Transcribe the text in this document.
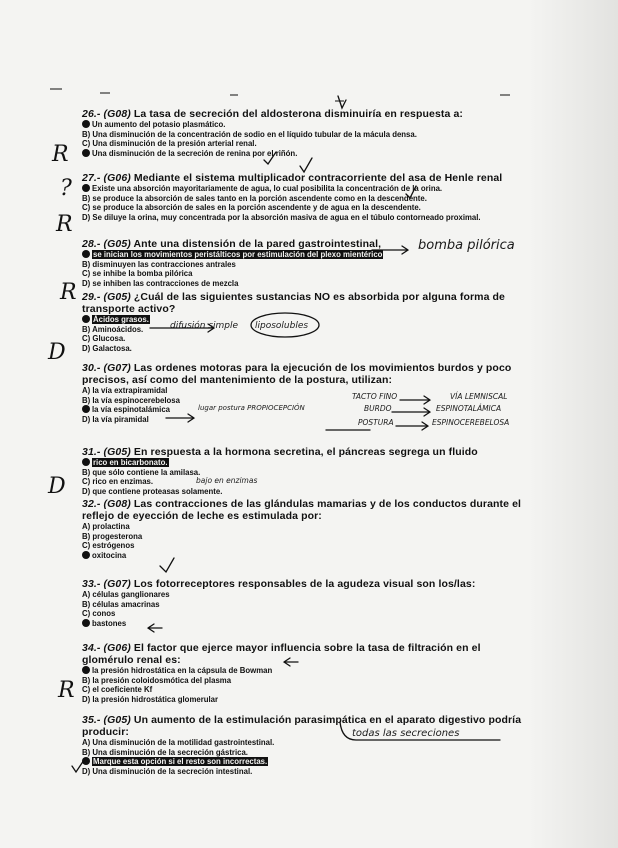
26.- (G08) La tasa de secreción del aldosterona disminuiría en respuesta a:
Un aumento del potasio plasmático.
B) Una disminución de la concentración de sodio en el líquido tubular de la mácula densa.
C) Una disminución de la presión arterial renal.
Una disminución de la secreción de renina por el riñón.
27.- (G06) Mediante el sistema multiplicador contracorriente del asa de Henle renal
Existe una absorción mayoritariamente de agua, lo cual posibilita la concentración de la orina.
B) se produce la absorción de sales tanto en la porción ascendente como en la descendente.
C) se produce la absorción de sales en la porción ascendente y de agua en la descendente.
D) Se diluye la orina, muy concentrada por la absorción masiva de agua en el túbulo contorneado proximal.
28.- (G05) Ante una distensión de la pared gastrointestinal,
se inician los movimientos peristálticos por estimulación del plexo mientérico
B) disminuyen las contracciones antrales
C) se inhibe la bomba pilórica
D) se inhiben las contracciones de mezcla
29.- (G05) ¿Cuál de las siguientes sustancias NO es absorbida por alguna forma de transporte activo?
Ácidos grasos.
B) Aminoácidos.
C) Glucosa.
D) Galactosa.
30.- (G07) Las ordenes motoras para la ejecución de los movimientos burdos y poco precisos, así como del mantenimiento de la postura, utilizan:
A) la vía extrapiramidal
B) la vía espinocerebelosa
la vía espinotalámica
D) la vía piramidal
31.- (G05) En respuesta a la hormona secretina, el páncreas segrega un fluido
rico en bicarbonato.
B) que sólo contiene la amilasa.
C) rico en enzimas.
D) que contiene proteasas solamente.
32.- (G08) Las contracciones de las glándulas mamarias y de los conductos durante el reflejo de eyección de leche es estimulada por:
A) prolactina
B) progesterona
C) estrógenos
oxitocina
33.- (G07) Los fotorreceptores responsables de la agudeza visual son los/las:
A) células ganglionares
B) células amacrinas
C) conos
bastones
34.- (G06) El factor que ejerce mayor influencia sobre la tasa de filtración en el glomérulo renal es:
la presión hidrostática en la cápsula de Bowman
B) la presión coloidosmótica del plasma
C) el coeficiente Kf
D) la presión hidrostática glomerular
35.- (G05) Un aumento de la estimulación parasimpática en el aparato digestivo podría producir:
A) Una disminución de la motilidad gastrointestinal.
B) Una disminución de la secreción gástrica.
Marque esta opción si el resto son incorrectas.
D) Una disminución de la secreción intestinal.
R
?
R
R
D
D
R
bomba pilórica
difusión simple liposolubles
TACTO FINO	VÍA LEMNISCAL
BURDO	ESPINOTALÁMICA
POSTURA	ESPINOCEREBELOSA
lugar postura PROPIOCEPCIÓN
bajo en enzimas
todas las secreciones
